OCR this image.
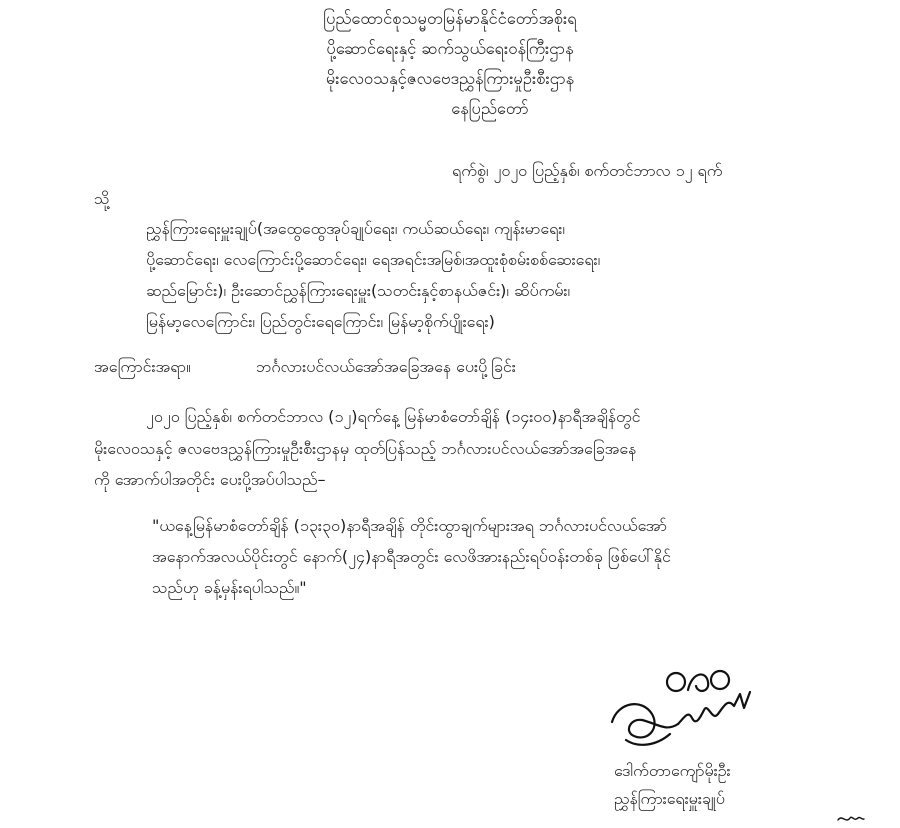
ပြည်ထောင်စုသမ္မတမြန်မာနိုင်ငံတော်အစိုးရ
ပို့ဆောင်ရေးနှင့် ဆက်သွယ်ရေးဝန်ကြီးဌာန
မိုးလေဝသနှင့်ဇလဗေဒညွှန်ကြားမှုဦးစီးဌာန
နေပြည်တော်
ရက်စွဲ၊ ၂၀၂၀ ပြည့်နှစ်၊ စက်တင်ဘာလ ၁၂ ရက်
သို့
ညွှန်ကြားရေးမှူးချုပ်(အထွေထွေအုပ်ချုပ်ရေး၊ ကယ်ဆယ်ရေး၊ ကျန်းမာရေး၊
ပို့ဆောင်ရေး၊ လေကြောင်းပို့ဆောင်ရေး၊ ရေအရင်းအမြစ်၊အထူးစုံစမ်းစစ်ဆေးရေး၊
ဆည်မြောင်း)၊ ဦးဆောင်ညွှန်ကြားရေးမှူး(သတင်းနှင့်စာနယ်ဇင်း)၊ ဆိပ်ကမ်း၊
မြန်မာ့လေကြောင်း၊ ပြည်တွင်းရေကြောင်း၊ မြန်မာ့စိုက်ပျိုးရေး)
အကြောင်းအရာ။	ဘင်္ဂလားပင်လယ်အော်အခြေအနေ ပေးပို့ခြင်း
၂၀၂၀ ပြည့်နှစ်၊ စက်တင်ဘာလ (၁၂)ရက်နေ့ မြန်မာစံတော်ချိန် (၁၄း၀၀)နာရီအချိန်တွင်
မိုးလေဝသနှင့် ဇလဗေဒညွှန်ကြားမှုဦးစီးဌာနမှ ထုတ်ပြန်သည့် ဘင်္ဂလားပင်လယ်အော်အခြေအနေ
ကို အောက်ပါအတိုင်း ပေးပို့အပ်ပါသည်–
"ယနေ့မြန်မာစံတော်ချိန် (၁၃း၃၀)နာရီအချိန် တိုင်းထွာချက်များအရ ဘင်္ဂလားပင်လယ်အော်
အနောက်အလယ်ပိုင်းတွင် နောက်(၂၄)နာရီအတွင်း လေဖိအားနည်းရပ်ဝန်းတစ်ခု ဖြစ်ပေါ်နိုင်
သည်ဟု ခန့်မှန်းရပါသည်။"
ဒေါက်တာကျော်မိုးဦး
ညွှန်ကြားရေးမှူးချုပ်
